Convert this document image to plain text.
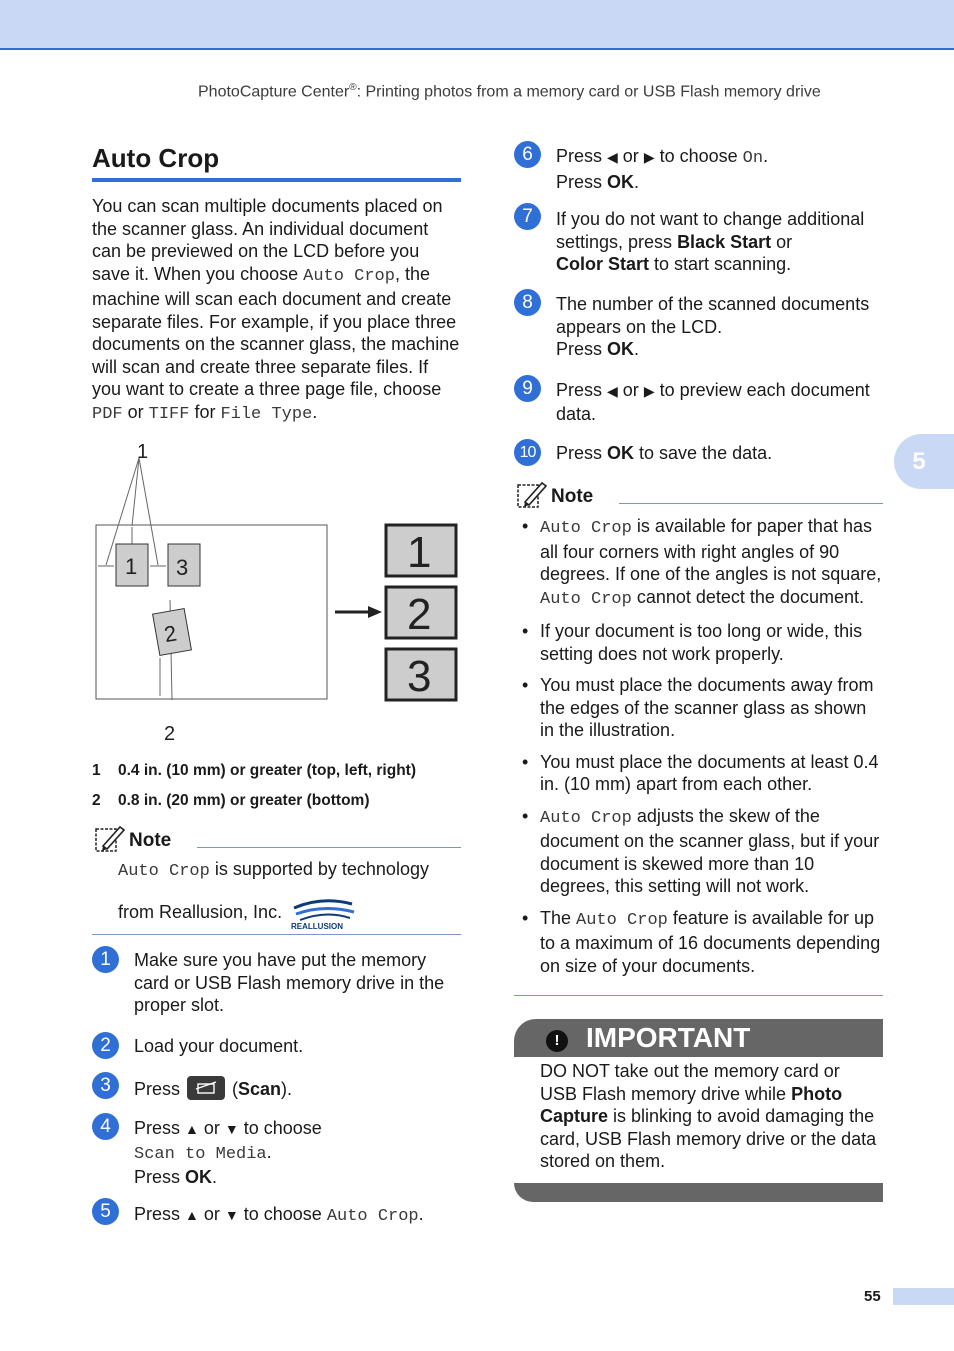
PhotoCapture Center®: Printing photos from a memory card or USB Flash memory drive
Auto Crop
You can scan multiple documents placed on the scanner glass. An individual document can be previewed on the LCD before you save it. When you choose Auto Crop, the machine will scan each document and create separate files. For example, if you place three documents on the scanner glass, the machine will scan and create three separate files. If you want to create a three page file, choose PDF or TIFF for File Type.
1
2
1 3
2
1
2
3
1 0.4 in. (10 mm) or greater (top, left, right)
2 0.8 in. (20 mm) or greater (bottom)
Note
Auto Crop is supported by technology
from Reallusion, Inc.
REALLUSION
1	Make sure you have put the memory card or USB Flash memory drive in the proper slot.
2	Load your document.
3	Press  (Scan).
4	Press ▲ or ▼ to choose
Scan to Media.
Press OK.
5	Press ▲ or ▼ to choose Auto Crop.
6	Press ◀ or ▶ to choose On.
Press OK.
7	If you do not want to change additional settings, press Black Start or
Color Start to start scanning.
8	The number of the scanned documents appears on the LCD.
Press OK.
9	Press ◀ or ▶ to preview each document data.
10	Press OK to save the data.
Note
• Auto Crop is available for paper that has all four corners with right angles of 90 degrees. If one of the angles is not square, Auto Crop cannot detect the document.
• If your document is too long or wide, this setting does not work properly.
• You must place the documents away from the edges of the scanner glass as shown in the illustration.
• You must place the documents at least 0.4 in. (10 mm) apart from each other.
• Auto Crop adjusts the skew of the document on the scanner glass, but if your document is skewed more than 10 degrees, this setting will not work.
• The Auto Crop feature is available for up to a maximum of 16 documents depending on size of your documents.
! IMPORTANT
DO NOT take out the memory card or USB Flash memory drive while Photo Capture is blinking to avoid damaging the card, USB Flash memory drive or the data stored on them.
5
55
